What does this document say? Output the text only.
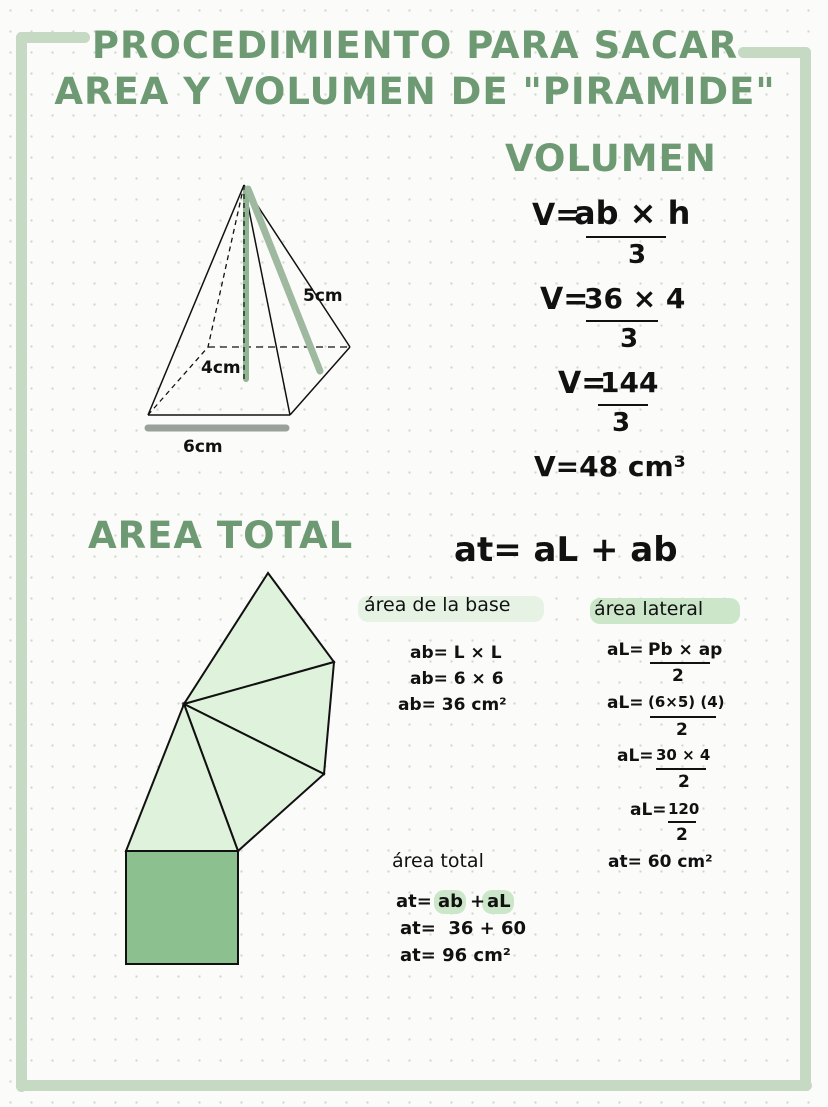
PROCEDIMIENTO PARA SACAR
AREA Y VOLUMEN DE "PIRAMIDE"
VOLUMEN
5cm
4cm
6cm
V=
ab × h
3
V=
36 × 4
3
V=
144
3
V=48 cm³
AREA TOTAL	at= aL + ab
área de la base
ab= L × L
ab= 6 × 6
ab= 36 cm²
área lateral
aL= Pb × ap
2
aL= (6×5) (4)
2
aL= 30 × 4
2
aL= 120
2
at= 60 cm²
área total
at= ab + aL
at=  36 + 60
at= 96 cm²
